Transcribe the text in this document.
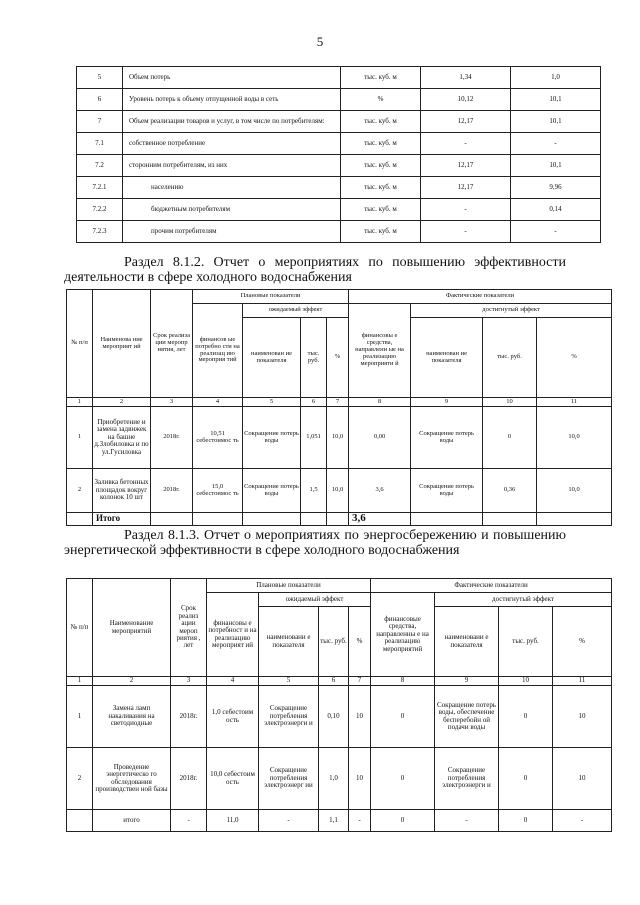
5
5	Объем потерь	тыс. куб. м	1,34	1,0
6	Уровень потерь к объему отпущенной воды в сеть	%	10,12	10,1
7	Объем реализации товаров и услуг, в том числе по потребителям:	тыс. куб. м	12,17	10,1
7.1	собственное потребление	тыс. куб. м	-	-
7.2	сторонним потребителям, из них	тыс. куб. м	12,17	10,1
7.2.1	населению	тыс. куб. м	12,17	9,96
7.2.2	бюджетным потребителям	тыс. куб. м	-	0,14
7.2.3	прочим потребителям	тыс. куб. м	-	-
Раздел 8.1.2. Отчет о мероприятиях по повышению эффективности деятельности в сфере холодного водоснабжения
№ п/п	Наименова ние мероприят ий	Срок реализа ции меропр иятия, лет	Плановые показатели				Фактические показатели			
			финансов ые потребно сти на реализац ию мероприя тий	ожидаемый эффект			финансовы е средства, направлени ые на реализацию мероприяти й	достигнутый эффект		
				наименован ие показателя	тыс. руб.	%		наименован ие показателя	тыс. руб.	%
1	2	3	4	5	6	7	8	9	10	11
1	Приобретение и замена задвижек на башне д.Злобиловка и по ул.Гусиловка	2018г.	10,51 себестоимос ть	Сокращение потерь воды	1,051	10,0	0,00	Сокращение потерь воды	0	10,0
2	Заливка бетонных площадок вокруг колонок 10 шт	2018г.	15,0 себестоимос ть	Сокращение потерь воды	1,5	10,0	3,6	Сокращение потерь воды	0,36	10,0
	Итого						3,6			
Раздел 8.1.3. Отчет о мероприятиях по энергосбережению и повышению энергетической эффективности в сфере холодного водоснабжения
№ п/п	Наименование мероприятий	Срок реализ ации мероп риятия , лет	Плановые показатели				Фактические показатели			
			финансовы е потребност и на реализацию мероприят ий	ожидаемый эффект			финансовые средства, направленны е на реализацию мероприятий	достигнутый эффект		
				наименовани е показателя	тыс. руб.	%		наименовани е показателя	тыс. руб.	%
1	2	3	4	5	6	7	8	9	10	11
1	Замена ламп накаливания на светодиодные	2018г.	1,0 себестоим ость	Сокращение потребления электроэнерги и	0,10	10	0	Сокращение потерь воды, обеспечение бесперебойн ой подачи воды	0	10
2	Проведение энергетическо го обследования производствен ной базы	2018г.	10,0 себестоим ость	Сокращение потребления электроэнерг ии	1,0	10	0	Сокращение потребления электроэнерги и	0	10
	итого	-	11,0	-	1,1	-	0	-	0	-
